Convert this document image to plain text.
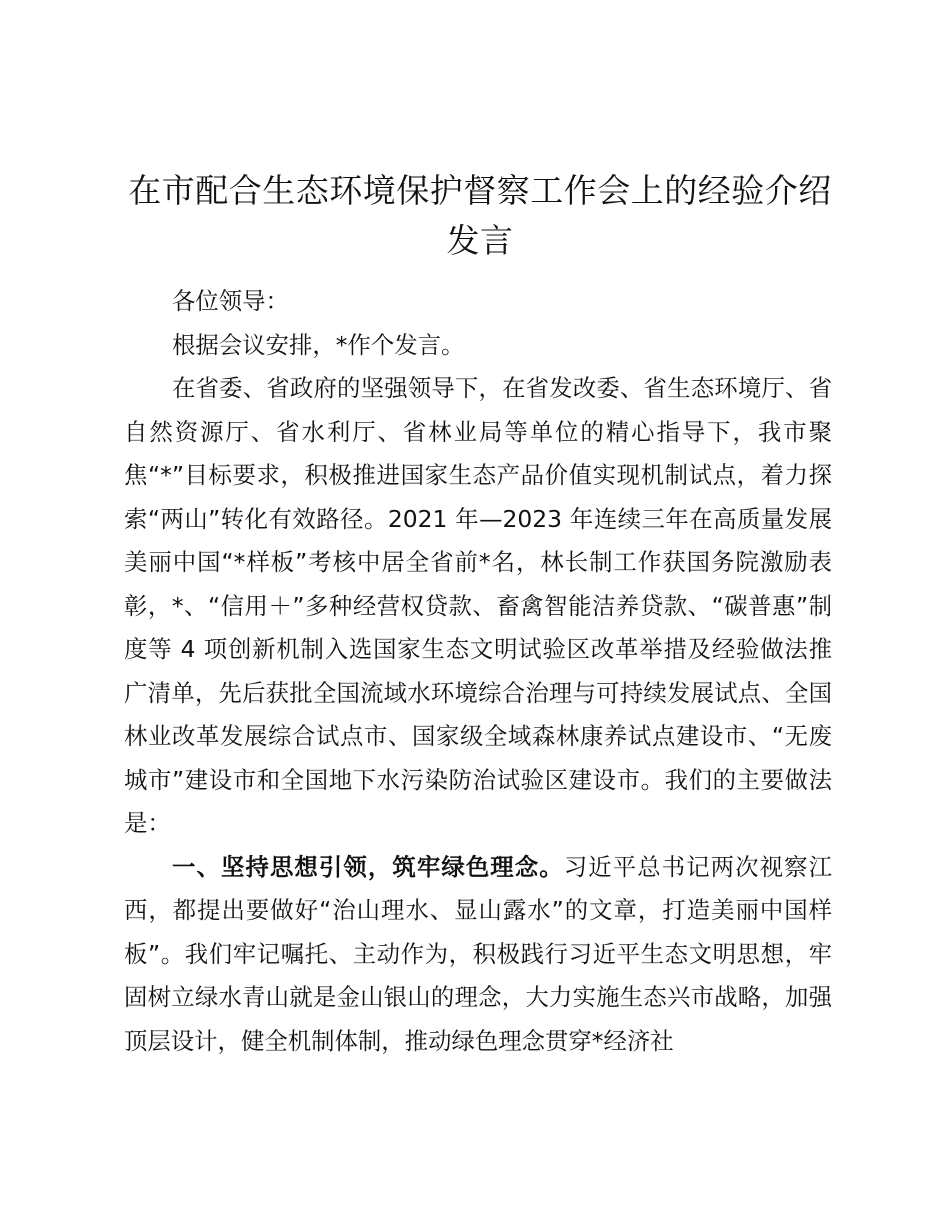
在市配合生态环境保护督察工作会上的经验介绍发言

各位领导：

根据会议安排，*作个发言。

在省委、省政府的坚强领导下，在省发改委、省生态环境厅、省自然资源厅、省水利厅、省林业局等单位的精心指导下，我市聚焦“*”目标要求，积极推进国家生态产品价值实现机制试点，着力探索“两山”转化有效路径。2021 年—2023 年连续三年在高质量发展美丽中国“*样板”考核中居全省前*名，林长制工作获国务院激励表彰，*、“信用＋”多种经营权贷款、畜禽智能洁养贷款、“碳普惠”制度等 4 项创新机制入选国家生态文明试验区改革举措及经验做法推广清单，先后获批全国流域水环境综合治理与可持续发展试点、全国林业改革发展综合试点市、国家级全域森林康养试点建设市、“无废城市”建设市和全国地下水污染防治试验区建设市。我们的主要做法是：

一、坚持思想引领，筑牢绿色理念。习近平总书记两次视察江西，都提出要做好“治山理水、显山露水”的文章，打造美丽中国样板”。我们牢记嘱托、主动作为，积极践行习近平生态文明思想，牢固树立绿水青山就是金山银山的理念，大力实施生态兴市战略，加强顶层设计，健全机制体制，推动绿色理念贯穿*经济社
